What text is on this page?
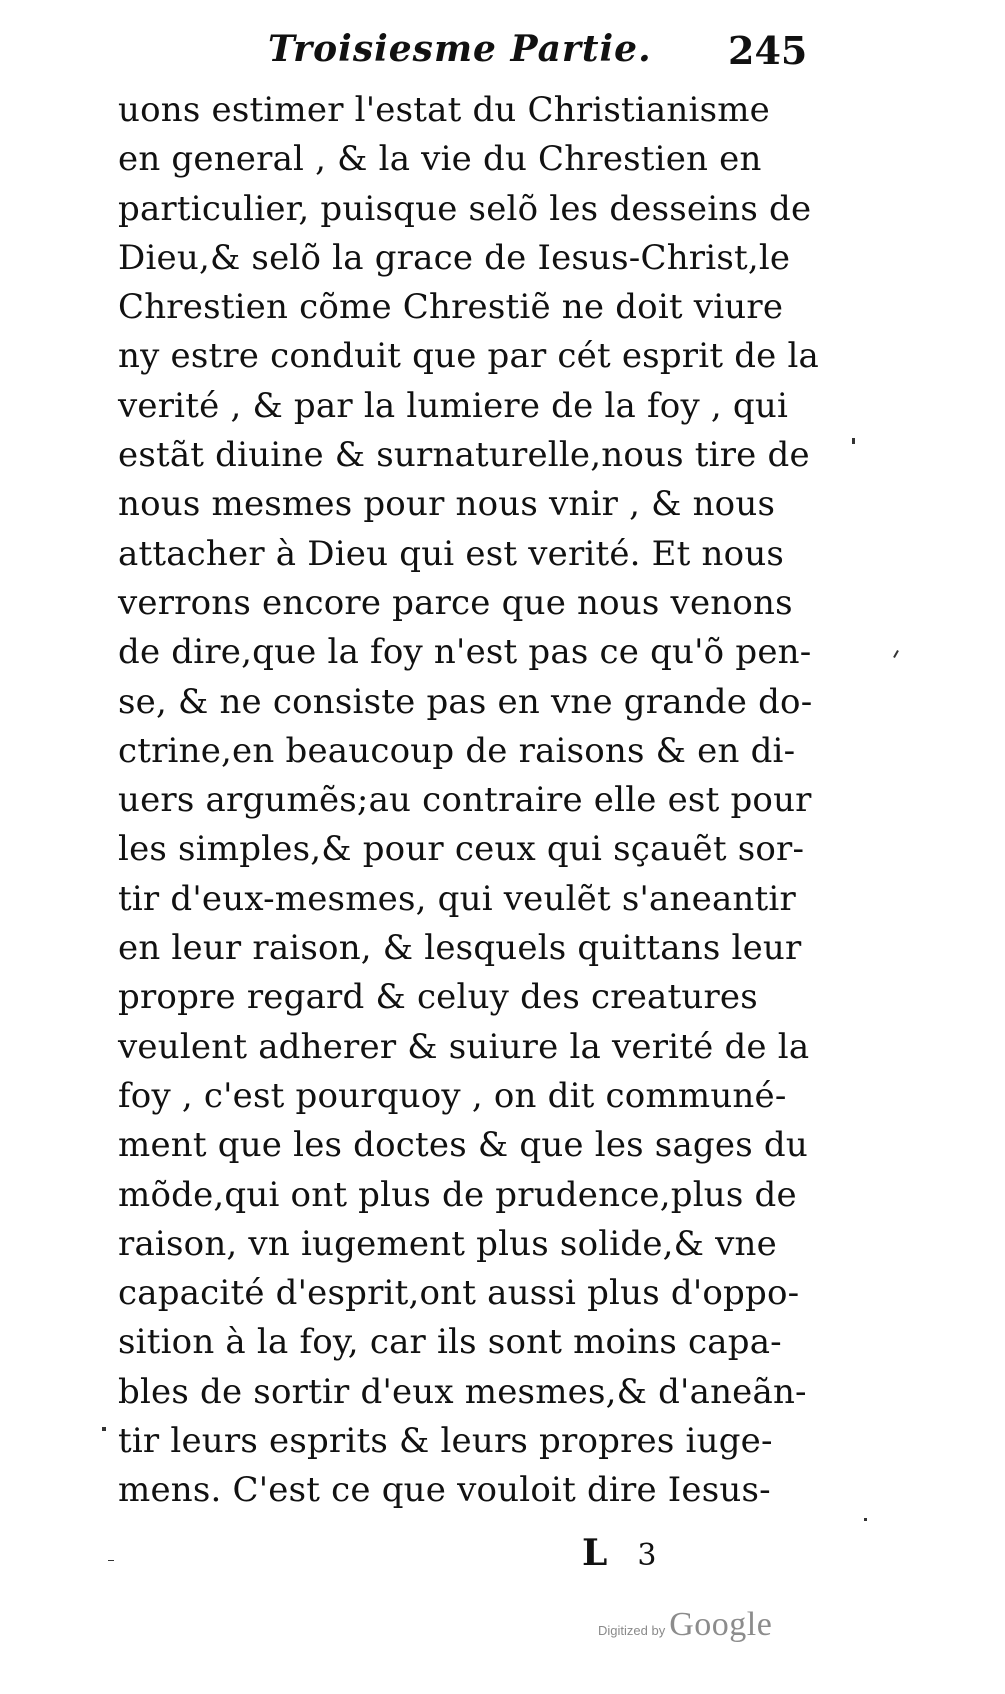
Troisiesme Partie.	245
uons estimer l'estat du Christianisme
en general , & la vie du Chrestien en
particulier, puisque selõ les desseins de
Dieu,& selõ la grace de Iesus-Christ,le
Chrestien cõme Chrestiẽ ne doit viure
ny estre conduit que par cét esprit de la
verité , & par la lumiere de la foy , qui
estãt diuine & surnaturelle,nous tire de
nous mesmes pour nous vnir , & nous
attacher à Dieu qui est verité. Et nous
verrons encore parce que nous venons
de dire,que la foy n'est pas ce qu'õ pen-
se, & ne consiste pas en vne grande do-
ctrine,en beaucoup de raisons & en di-
uers argumẽs;au contraire elle est pour
les simples,& pour ceux qui sçauẽt sor-
tir d'eux-mesmes, qui veulẽt s'aneantir
en leur raison, & lesquels quittans leur
propre regard & celuy des creatures
veulent adherer & suiure la verité de la
foy , c'est pourquoy , on dit communé-
ment que les doctes & que les sages du
mõde,qui ont plus de prudence,plus de
raison, vn iugement plus solide,& vne
capacité d'esprit,ont aussi plus d'oppo-
sition à la foy, car ils sont moins capa-
bles de sortir d'eux mesmes,& d'aneãn-
tir leurs esprits & leurs propres iuge-
mens. C'est ce que vouloit dire Iesus-
L 3
Digitized by Google
